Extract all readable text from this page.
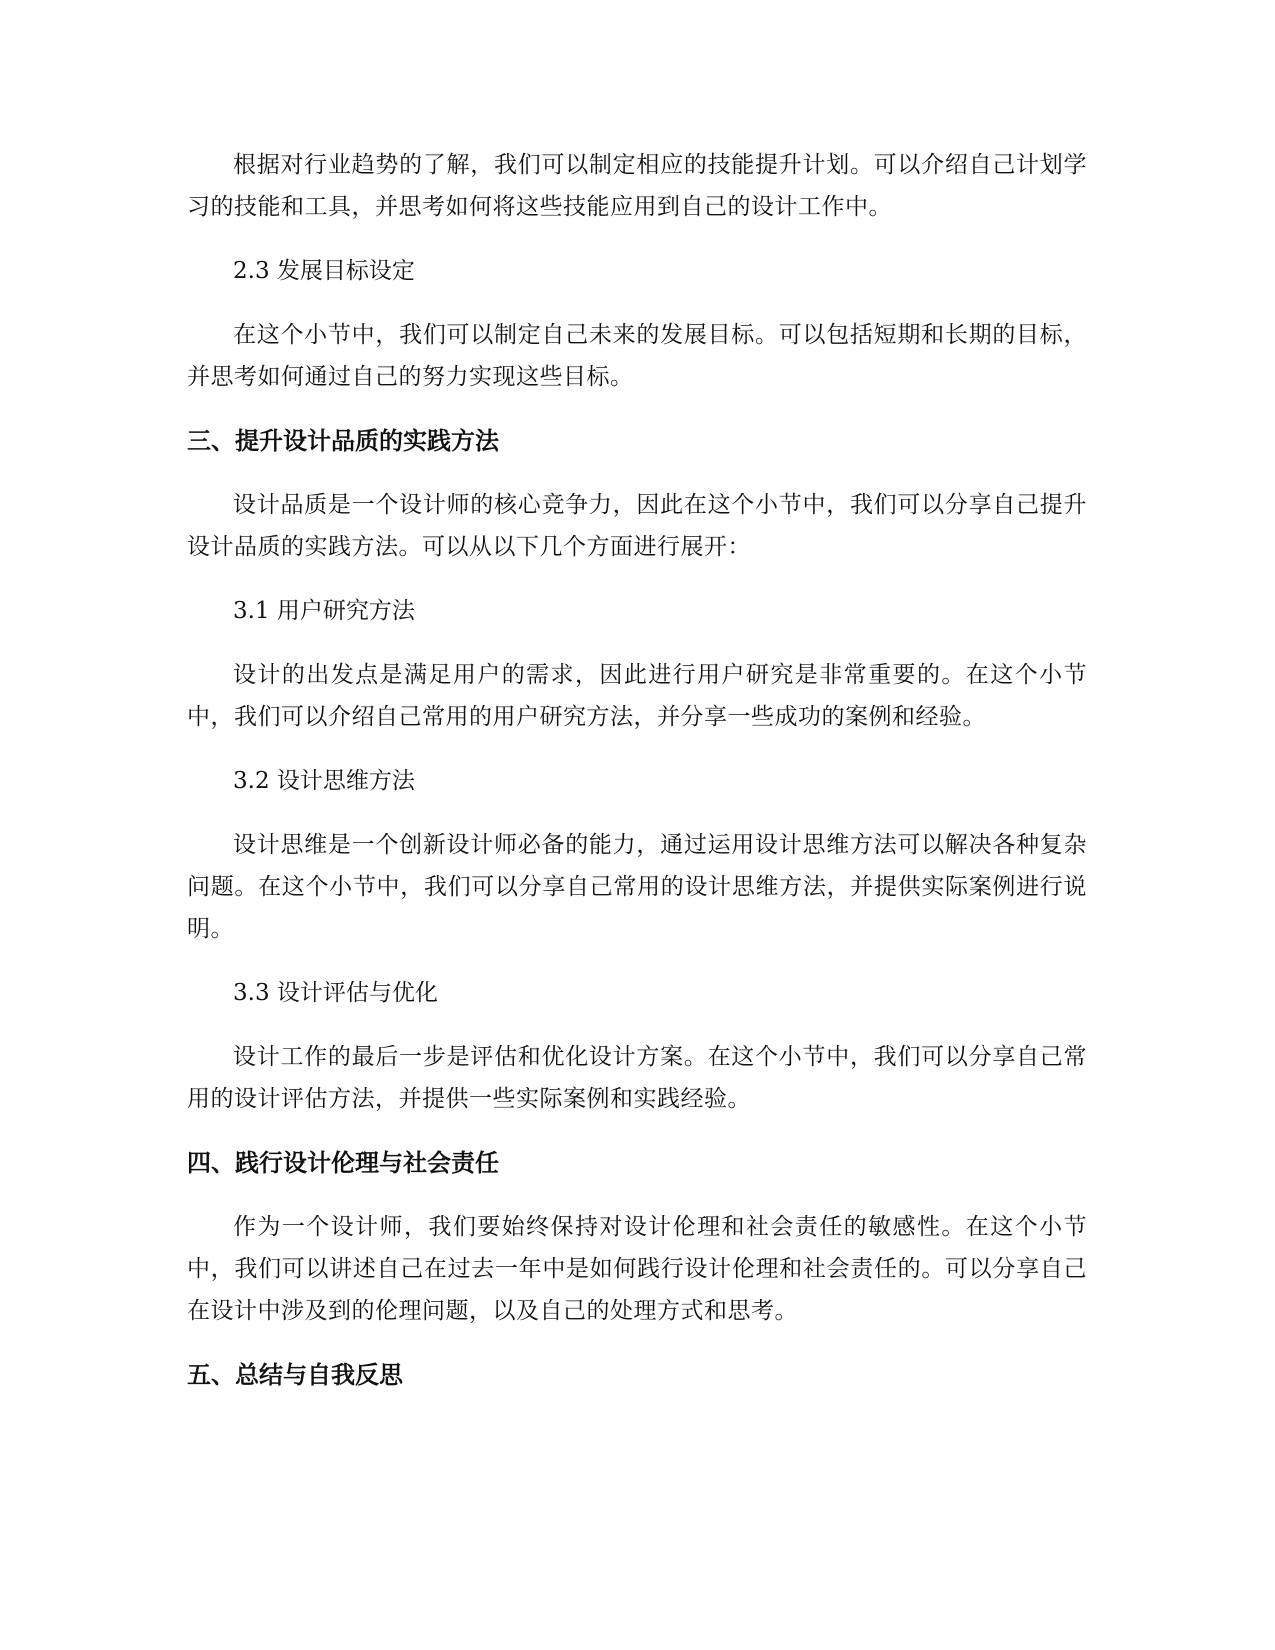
根据对行业趋势的了解，我们可以制定相应的技能提升计划。可以介绍自己计划学习的技能和工具，并思考如何将这些技能应用到自己的设计工作中。

2.3 发展目标设定

在这个小节中，我们可以制定自己未来的发展目标。可以包括短期和长期的目标，并思考如何通过自己的努力实现这些目标。

三、提升设计品质的实践方法

设计品质是一个设计师的核心竞争力，因此在这个小节中，我们可以分享自己提升设计品质的实践方法。可以从以下几个方面进行展开：

3.1 用户研究方法

设计的出发点是满足用户的需求，因此进行用户研究是非常重要的。在这个小节中，我们可以介绍自己常用的用户研究方法，并分享一些成功的案例和经验。

3.2 设计思维方法

设计思维是一个创新设计师必备的能力，通过运用设计思维方法可以解决各种复杂问题。在这个小节中，我们可以分享自己常用的设计思维方法，并提供实际案例进行说明。

3.3 设计评估与优化

设计工作的最后一步是评估和优化设计方案。在这个小节中，我们可以分享自己常用的设计评估方法，并提供一些实际案例和实践经验。

四、践行设计伦理与社会责任

作为一个设计师，我们要始终保持对设计伦理和社会责任的敏感性。在这个小节中，我们可以讲述自己在过去一年中是如何践行设计伦理和社会责任的。可以分享自己在设计中涉及到的伦理问题，以及自己的处理方式和思考。

五、总结与自我反思
